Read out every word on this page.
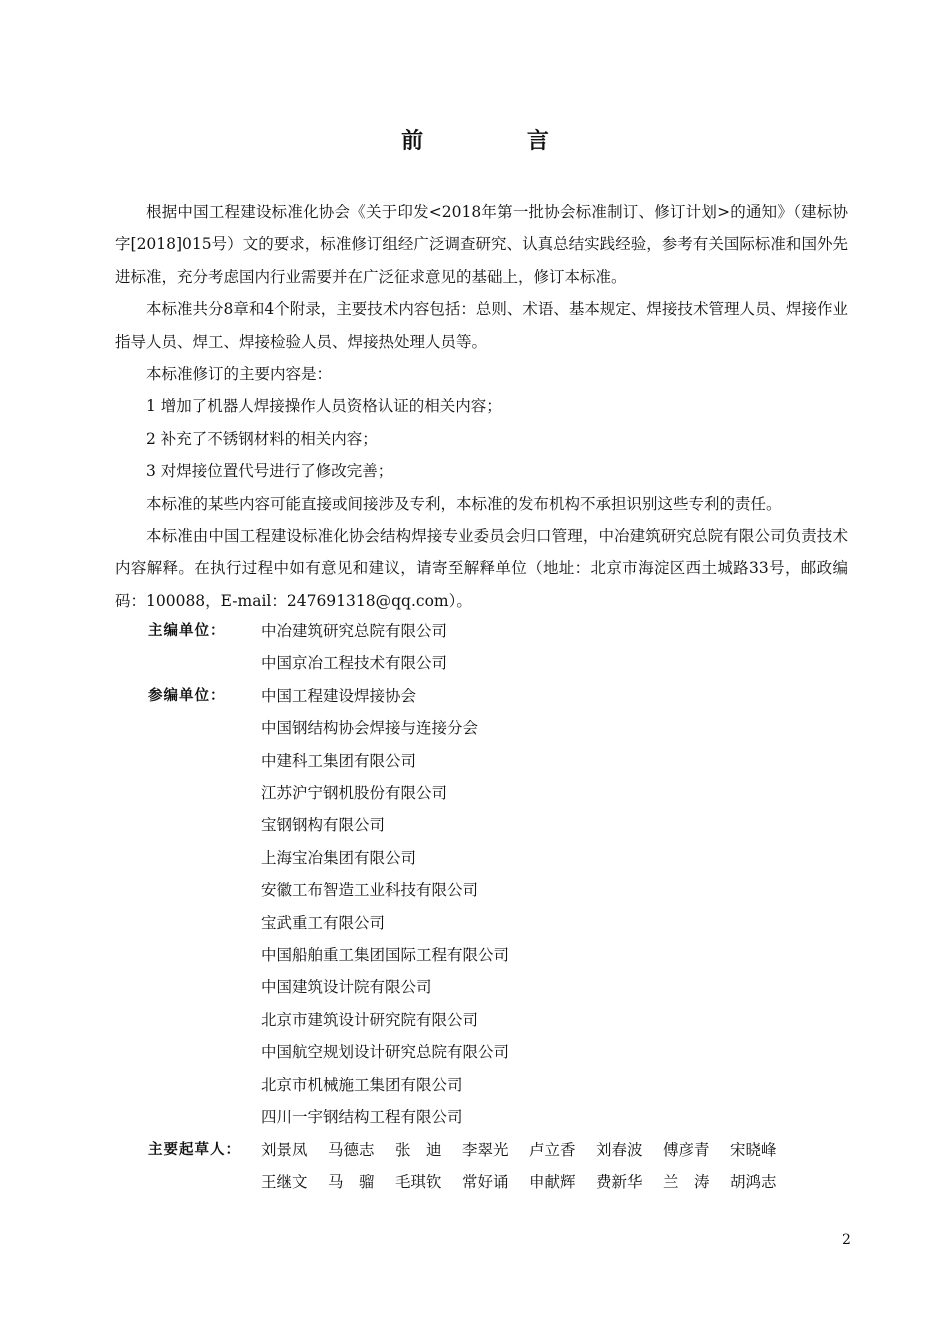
前 言

根据中国工程建设标准化协会《关于印发<2018年第一批协会标准制订、修订计划>的通知》（建标协字[2018]015号）文的要求，标准修订组经广泛调查研究、认真总结实践经验，参考有关国际标准和国外先进标准，充分考虑国内行业需要并在广泛征求意见的基础上，修订本标准。

本标准共分8章和4个附录，主要技术内容包括：总则、术语、基本规定、焊接技术管理人员、焊接作业指导人员、焊工、焊接检验人员、焊接热处理人员等。

本标准修订的主要内容是：

1 增加了机器人焊接操作人员资格认证的相关内容；

2 补充了不锈钢材料的相关内容；

3 对焊接位置代号进行了修改完善；

本标准的某些内容可能直接或间接涉及专利，本标准的发布机构不承担识别这些专利的责任。

本标准由中国工程建设标准化协会结构焊接专业委员会归口管理，中冶建筑研究总院有限公司负责技术内容解释。在执行过程中如有意见和建议，请寄至解释单位（地址：北京市海淀区西土城路33号，邮政编码：100088，E-mail：247691318@qq.com）。

主编单位：	中冶建筑研究总院有限公司
中国京冶工程技术有限公司
参编单位：	中国工程建设焊接协会
中国钢结构协会焊接与连接分会
中建科工集团有限公司
江苏沪宁钢机股份有限公司
宝钢钢构有限公司
上海宝冶集团有限公司
安徽工布智造工业科技有限公司
宝武重工有限公司
中国船舶重工集团国际工程有限公司
中国建筑设计院有限公司
北京市建筑设计研究院有限公司
中国航空规划设计研究总院有限公司
北京市机械施工集团有限公司
四川一宇钢结构工程有限公司
主要起草人：	刘景凤	马德志	张　迪	李翠光	卢立香	刘春波	傅彦青	宋晓峰
王继文	马　骝	毛琪钦	常好诵	申献辉	费新华	兰　涛	胡鸿志
2
